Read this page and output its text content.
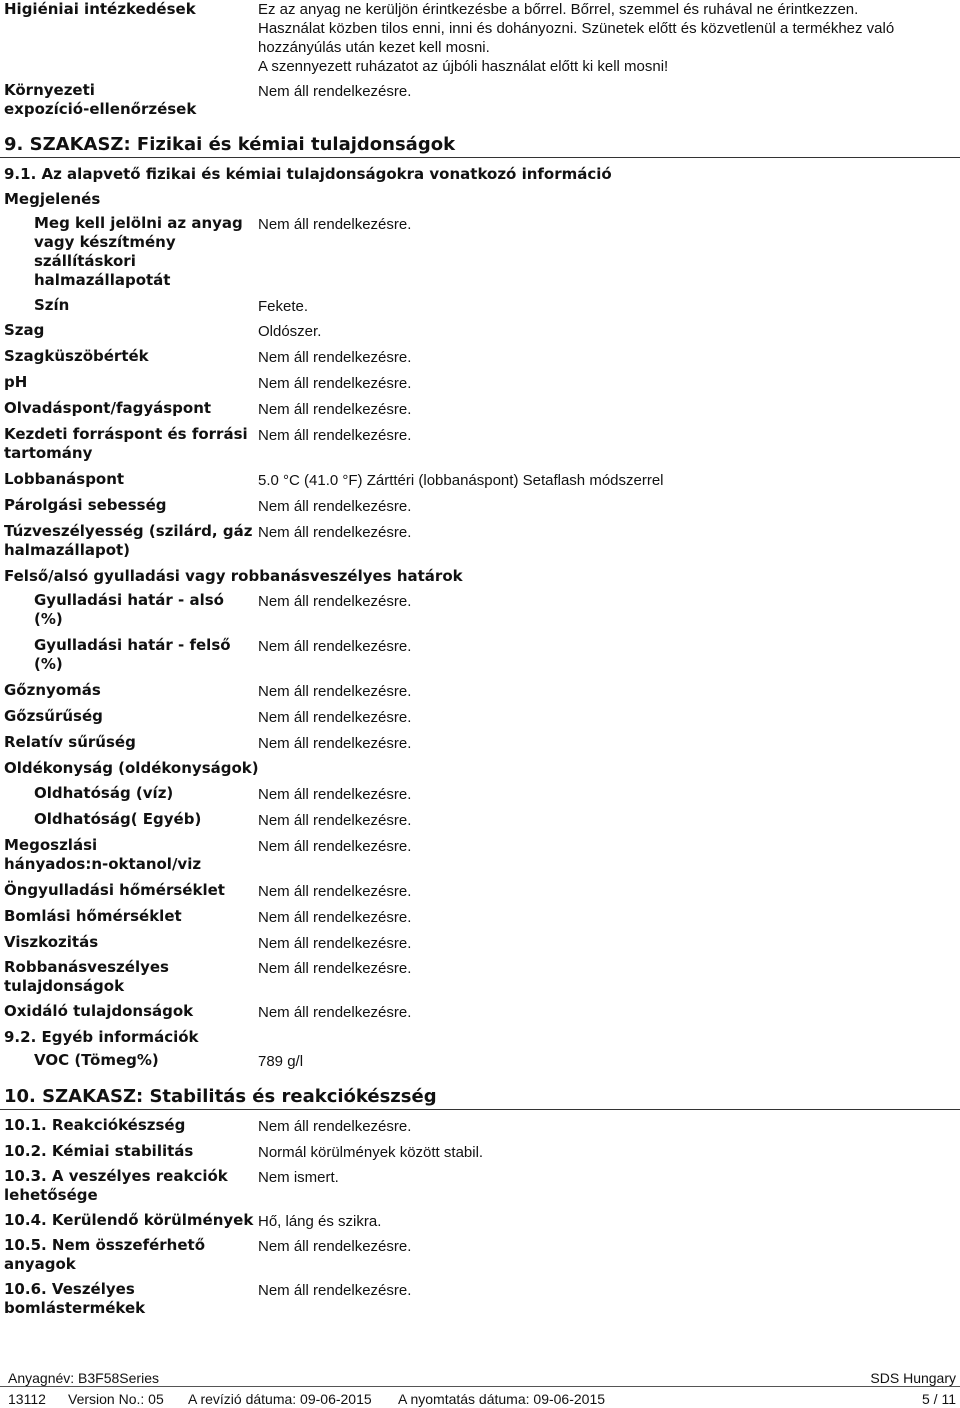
Higiéniai intézkedések	Ez az anyag ne kerüljön érintkezésbe a bőrrel. Bőrrel, szemmel és ruhával ne érintkezzen.
Használat közben tilos enni, inni és dohányozni. Szünetek előtt és közvetlenül a termékhez való
hozzányúlás után kezet kell mosni.
A szennyezett ruházatot az újbóli használat előtt ki kell mosni!
Környezeti
expozíció-ellenőrzések
Nem áll rendelkezésre.
9. SZAKASZ: Fizikai és kémiai tulajdonságok
9.1. Az alapvető fizikai és kémiai tulajdonságokra vonatkozó információ
Megjelenés
Meg kell jelölni az anyag
vagy készítmény
szállításkori
halmazállapotát
Nem áll rendelkezésre.
Szín	Fekete.
Szag	Oldószer.
Szagküszöbérték	Nem áll rendelkezésre.
pH	Nem áll rendelkezésre.
Olvadáspont/fagyáspont	Nem áll rendelkezésre.
Kezdeti forráspont és forrási
tartomány
Nem áll rendelkezésre.
Lobbanáspont	5.0 °C (41.0 °F) Zárttéri (lobbanáspont) Setaflash módszerrel
Párolgási sebesség	Nem áll rendelkezésre.
Túzveszélyesség (szilárd, gáz
halmazállapot)
Nem áll rendelkezésre.
Felső/alsó gyulladási vagy robbanásveszélyes határok
Gyulladási határ - alsó
(%)
Nem áll rendelkezésre.
Gyulladási határ - felső
(%)
Nem áll rendelkezésre.
Gőznyomás	Nem áll rendelkezésre.
Gőzsűrűség	Nem áll rendelkezésre.
Relatív sűrűség	Nem áll rendelkezésre.
Oldékonyság (oldékonyságok)
Oldhatóság (víz)	Nem áll rendelkezésre.
Oldhatóság( Egyéb)	Nem áll rendelkezésre.
Megoszlási
hányados:n-oktanol/viz
Nem áll rendelkezésre.
Öngyulladási hőmérséklet Nem áll rendelkezésre.
Bomlási hőmérséklet	Nem áll rendelkezésre.
Viszkozitás	Nem áll rendelkezésre.
Robbanásveszélyes
tulajdonságok
Nem áll rendelkezésre.
Oxidáló tulajdonságok	Nem áll rendelkezésre.
9.2. Egyéb információk
VOC (Tömeg%)	789 g/l
10. SZAKASZ: Stabilitás és reakciókészség
10.1. Reakciókészség	Nem áll rendelkezésre.
10.2. Kémiai stabilitás	Normál körülmények között stabil.
10.3. A veszélyes reakciók
lehetősége
Nem ismert.
10.4. Kerülendő körülmények Hő, láng és szikra.
10.5. Nem összeférhető
anyagok
Nem áll rendelkezésre.
10.6. Veszélyes
bomlástermékek
Nem áll rendelkezésre.
Anyagnév: B3F58Series	SDS Hungary
13112 Version No.: 05 A revízió dátuma: 09-06-2015 A nyomtatás dátuma: 09-06-2015	5 / 11
